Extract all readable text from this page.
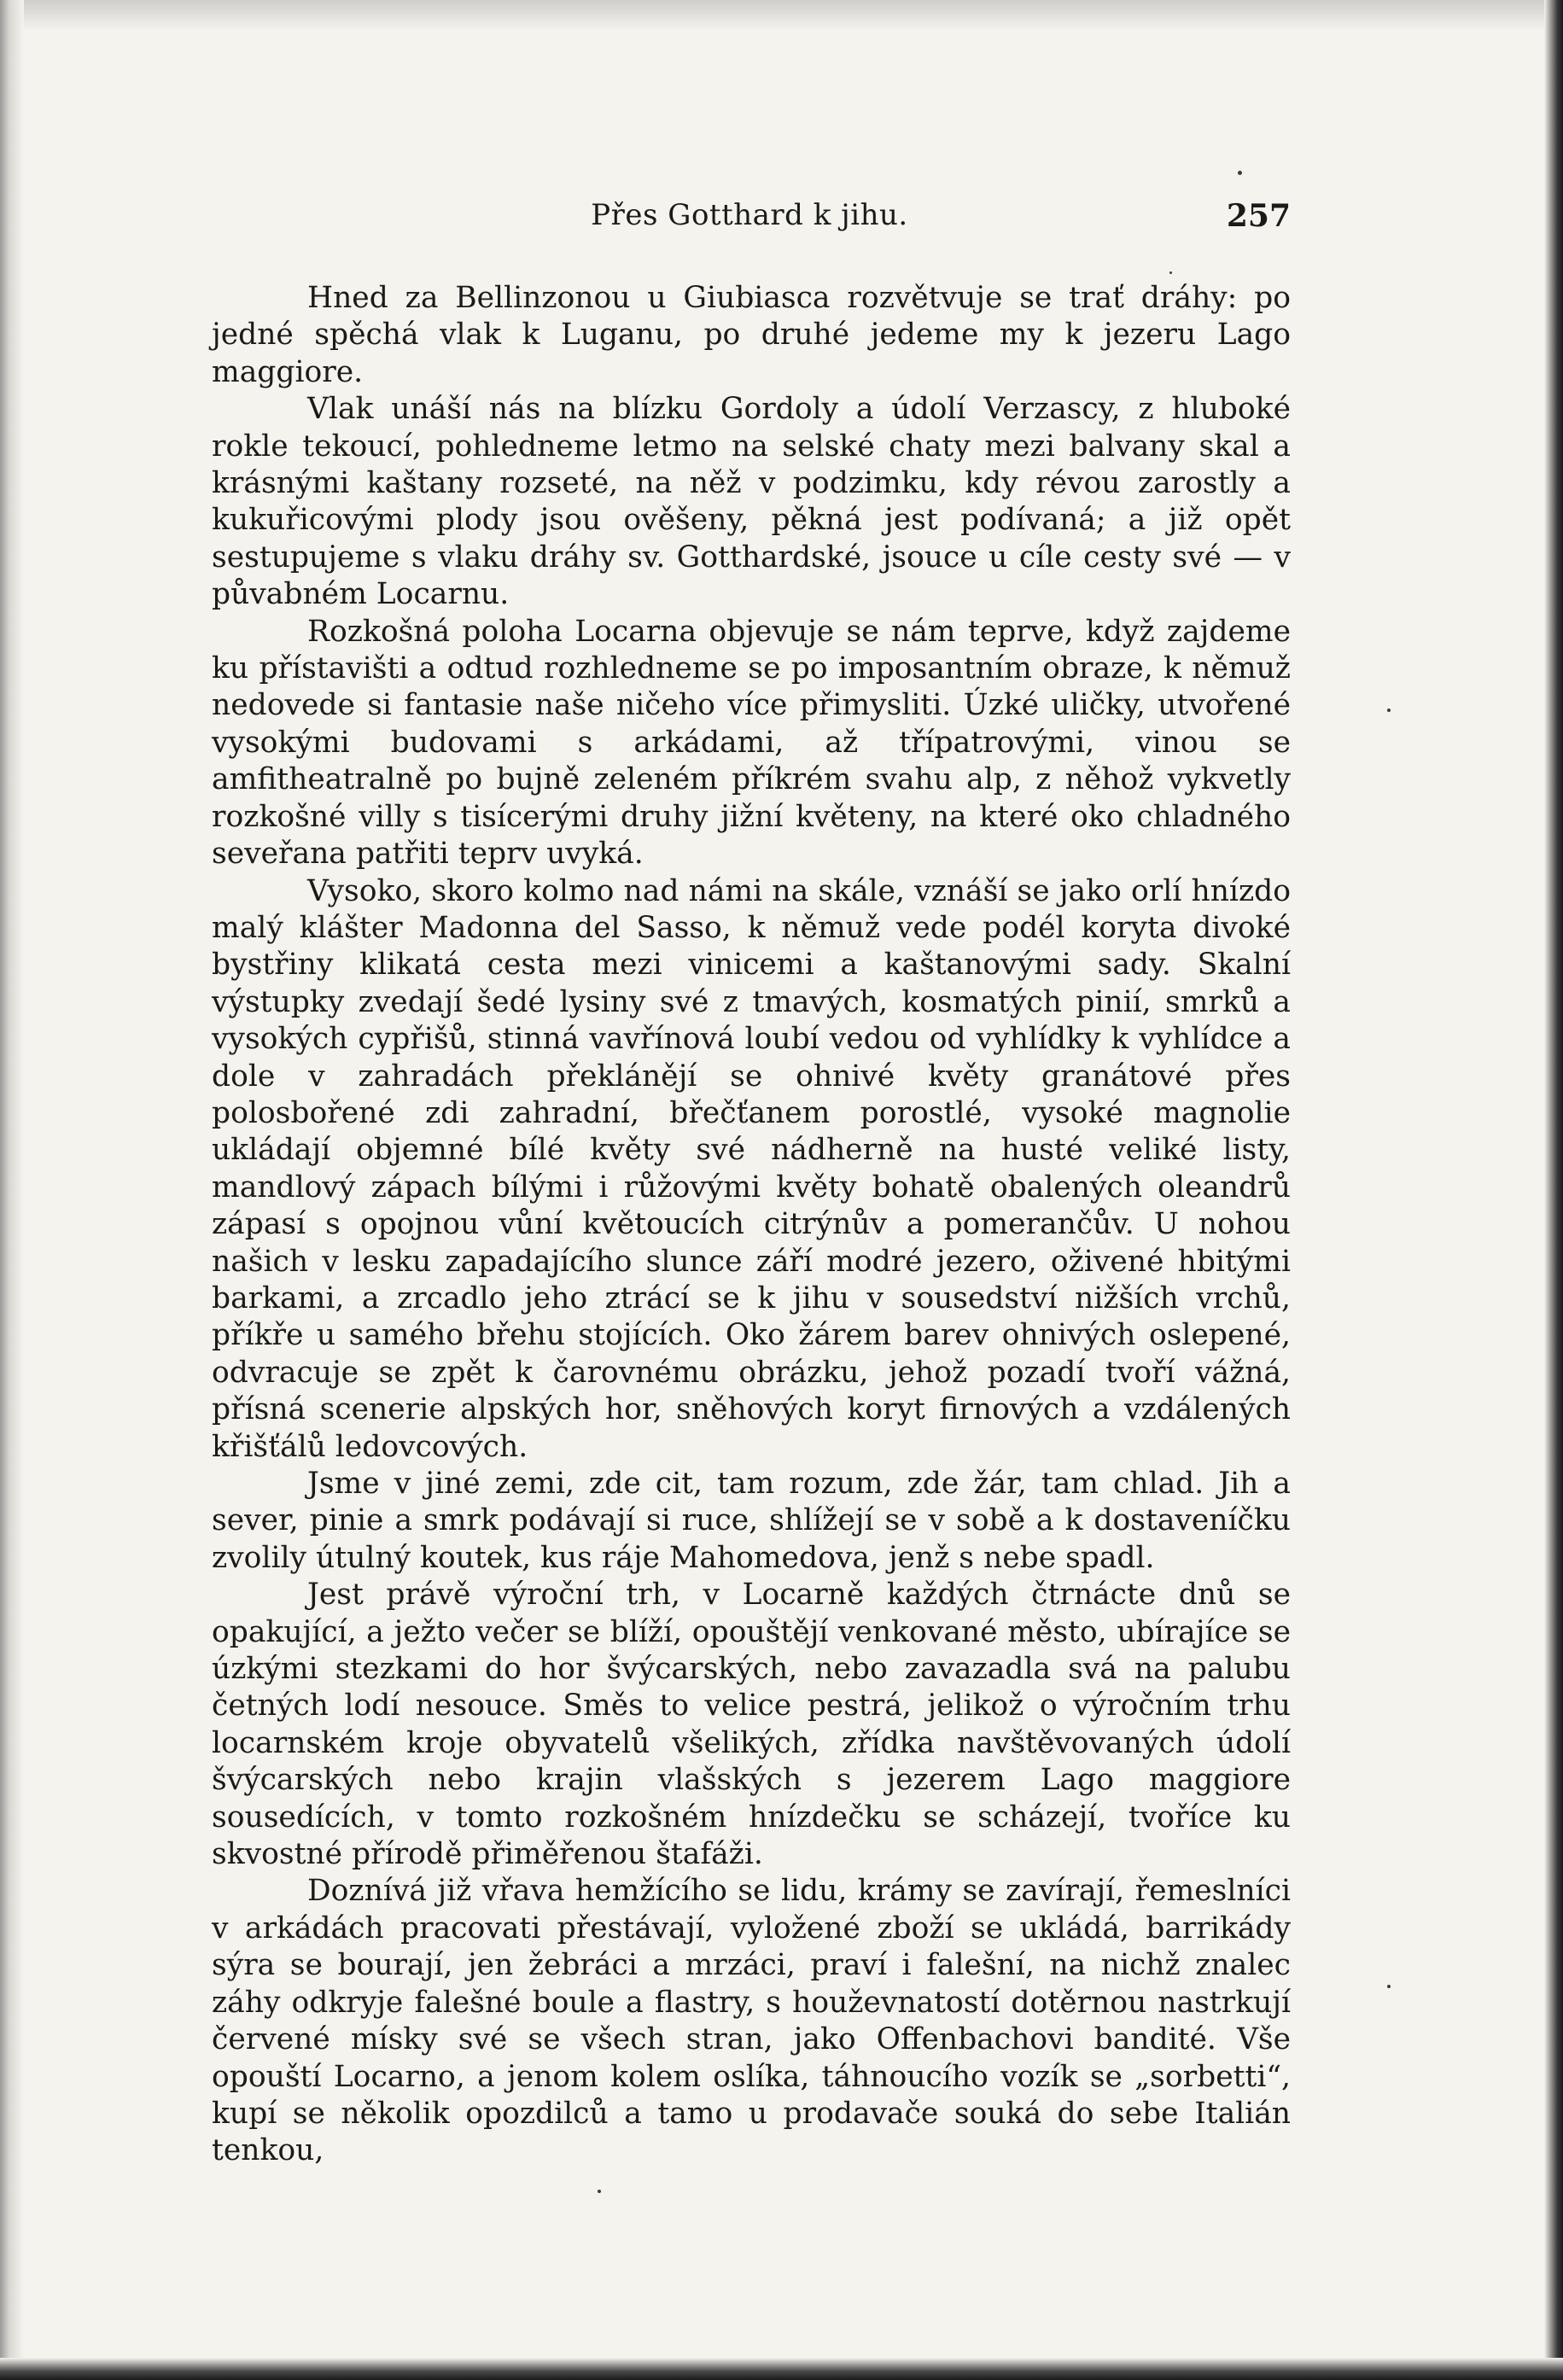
Přes Gotthard k jihu.	257

Hned za Bellinzonou u Giubiasca rozvětvuje se trať dráhy: po jedné spěchá vlak k Luganu, po druhé jedeme my k jezeru Lago maggiore.

Vlak unáší nás na blízku Gordoly a údolí Verzascy, z hluboké rokle tekoucí, pohledneme letmo na selské chaty mezi balvany skal a krásnými kaštany rozseté, na něž v podzimku, kdy révou zarostly a kukuřicovými plody jsou ověšeny, pěkná jest podívaná; a již opět sestupujeme s vlaku dráhy sv. Gotthardské, jsouce u cíle cesty své — v půvabném Locarnu.

Rozkošná poloha Locarna objevuje se nám teprve, když zajdeme ku přístavišti a odtud rozhledneme se po imposantním obraze, k němuž nedovede si fantasie naše ničeho více přimysliti. Úzké uličky, utvořené vysokými budovami s arkádami, až třípatrovými, vinou se amfitheatralně po bujně zeleném příkrém svahu alp, z něhož vykvetly rozkošné villy s tisícerými druhy jižní květeny, na které oko chladného seveřana patřiti teprv uvyká.

Vysoko, skoro kolmo nad námi na skále, vznáší se jako orlí hnízdo malý klášter Madonna del Sasso, k němuž vede podél koryta divoké bystřiny klikatá cesta mezi vinicemi a kaštanovými sady. Skalní výstupky zvedají šedé lysiny své z tmavých, kosmatých pinií, smrků a vysokých cypřišů, stinná vavřínová loubí vedou od vyhlídky k vyhlídce a dole v zahradách překlánějí se ohnivé květy granátové přes polosbořené zdi zahradní, břečťanem porostlé, vysoké magnolie ukládají objemné bílé květy své nádherně na husté veliké listy, mandlový zápach bílými i růžovými květy bohatě obalených oleandrů zápasí s opojnou vůní květoucích citrýnův a pomerančův. U nohou našich v lesku zapadajícího slunce září modré jezero, oživené hbitými barkami, a zrcadlo jeho ztrácí se k jihu v sousedství nižších vrchů, příkře u samého břehu stojících. Oko žárem barev ohnivých oslepené, odvracuje se zpět k čarovnému obrázku, jehož pozadí tvoří vážná, přísná scenerie alpských hor, sněhových koryt firnových a vzdálených křišťálů ledovcových.

Jsme v jiné zemi, zde cit, tam rozum, zde žár, tam chlad. Jih a sever, pinie a smrk podávají si ruce, shlížejí se v sobě a k dostaveníčku zvolily útulný koutek, kus ráje Mahomedova, jenž s nebe spadl.

Jest právě výroční trh, v Locarně každých čtrnácte dnů se opakující, a ježto večer se blíží, opouštějí venkované město, ubírajíce se úzkými stezkami do hor švýcarských, nebo zavazadla svá na palubu četných lodí nesouce. Směs to velice pestrá, jelikož o výročním trhu locarnském kroje obyvatelů všelikých, zřídka navštěvovaných údolí švýcarských nebo krajin vlašských s jezerem Lago maggiore sousedících, v tomto rozkošném hnízdečku se scházejí, tvoříce ku skvostné přírodě přiměřenou štafáži.

Doznívá již vřava hemžícího se lidu, krámy se zavírají, řemeslníci v arkádách pracovati přestávají, vyložené zboží se ukládá, barrikády sýra se bourají, jen žebráci a mrzáci, praví i falešní, na nichž znalec záhy odkryje falešné boule a flastry, s houževnatostí dotěrnou nastrkují červené mísky své se všech stran, jako Offenbachovi bandité. Vše opouští Locarno, a jenom kolem oslíka, táhnoucího vozík se „sorbetti“, kupí se několik opozdilců a tamo u prodavače souká do sebe Italián tenkou,
